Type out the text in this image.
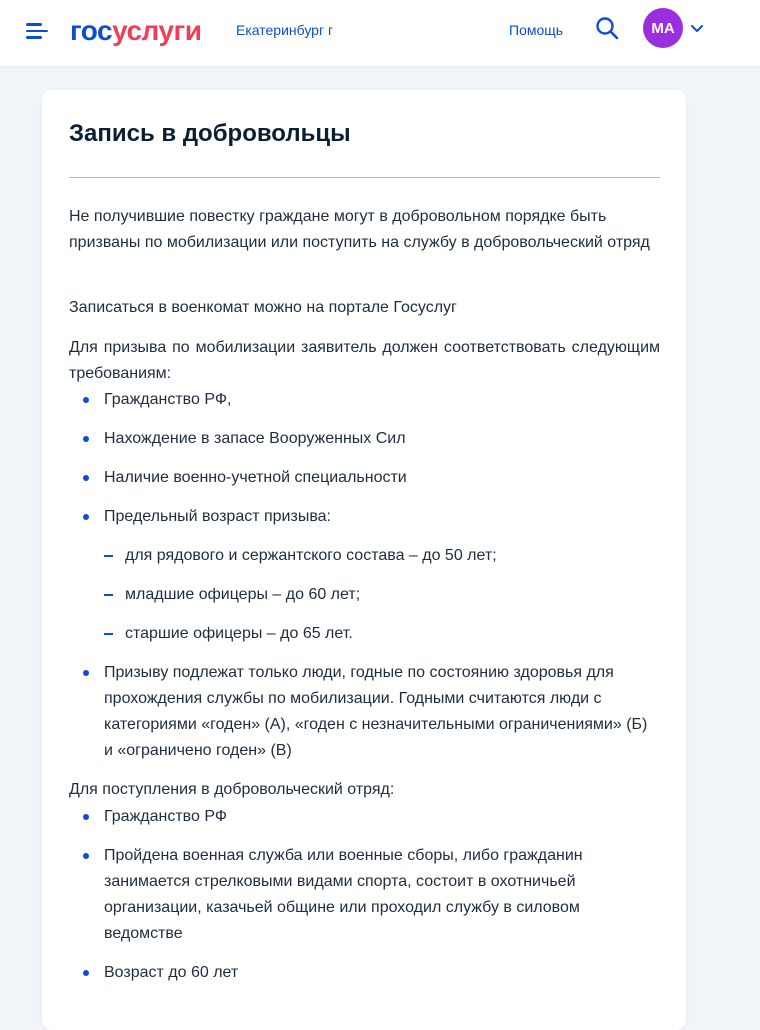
госуслуги Екатеринбург г	Помощь	МА
Запись в добровольцы
Не получившие повестку граждане могут в добровольном порядке быть призваны по мобилизации или поступить на службу в добровольческий отряд
Записаться в военкомат можно на портале Госуслуг
Для призыва по мобилизации заявитель должен соответствовать следующим требованиям:
Гражданство РФ,
Нахождение в запасе Вооруженных Сил
Наличие военно-учетной специальности
Предельный возраст призыва:
для рядового и сержантского состава – до 50 лет;
младшие офицеры – до 60 лет;
старшие офицеры – до 65 лет.
Призыву подлежат только люди, годные по состоянию здоровья для прохождения службы по мобилизации. Годными считаются люди с категориями «годен» (А), «годен с незначительными ограничениями» (Б) и «ограничено годен» (В)
Для поступления в добровольческий отряд:
Гражданство РФ
Пройдена военная служба или военные сборы, либо гражданин занимается стрелковыми видами спорта, состоит в охотничьей организации, казачьей общине или проходил службу в силовом ведомстве
Возраст до 60 лет
